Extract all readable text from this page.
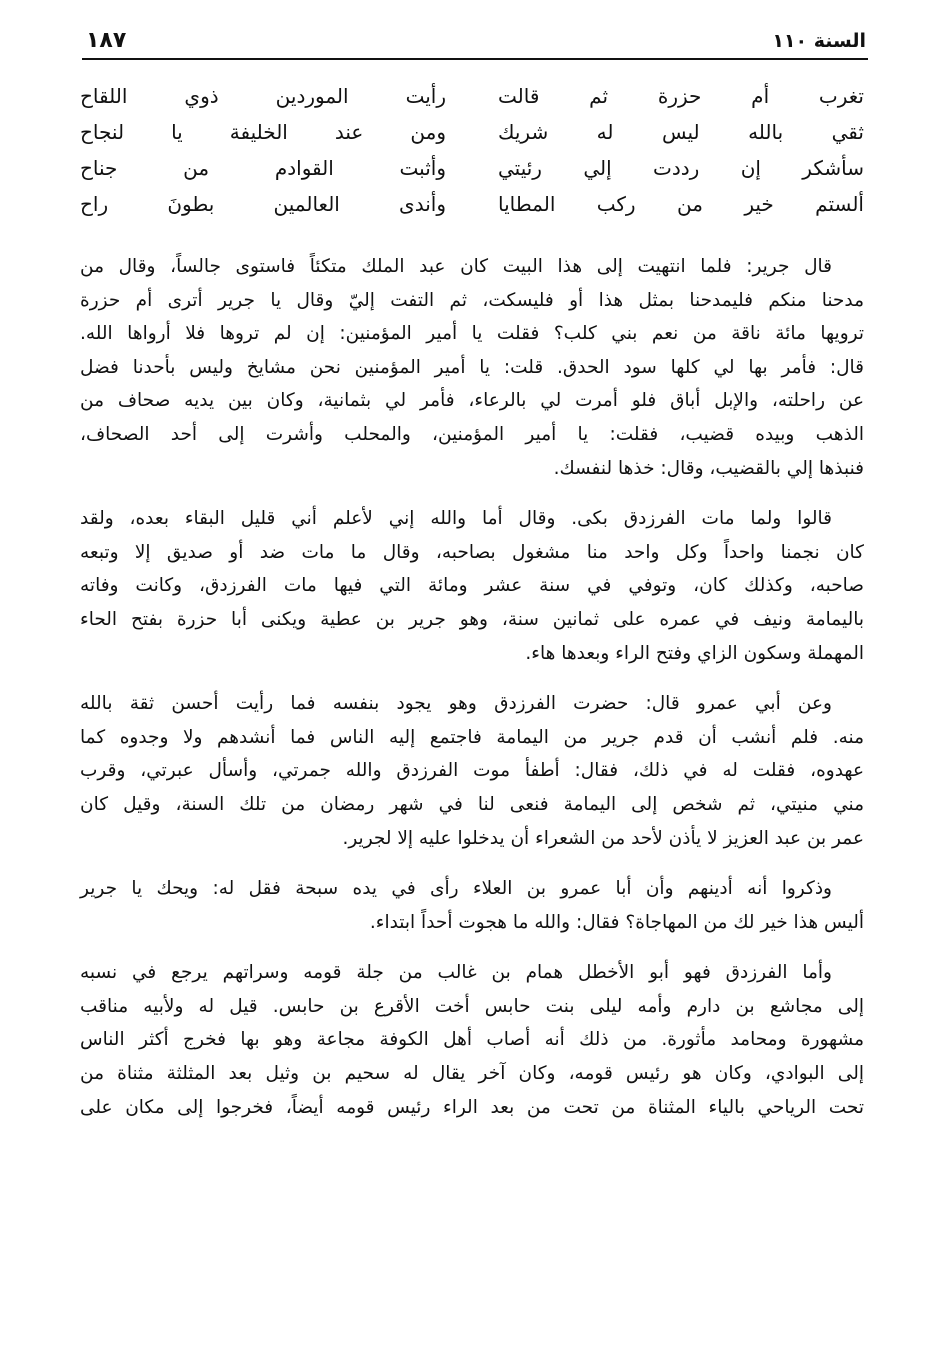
السنة ١١٠
١٨٧
تغرب أم حزرة ثم قالت
رأيت الموردين ذوي اللقاح
ثقي بالله ليس له شريك
ومن عند الخليفة يا لنجاح
سأشكر إن رددت إلي رئيتي
وأثبت القوادم من جناح
ألستم خير من ركب المطايا
وأندى العالمين بطونَ راح
قال جرير: فلما انتهيت إلى هذا البيت كان عبد الملك متكئاً فاستوى جالساً، وقال من
مدحنا منكم فليمدحنا بمثل هذا أو فليسكت، ثم التفت إليّ وقال يا جرير أترى أم حزرة
ترويها مائة ناقة من نعم بني كلب؟ فقلت يا أمير المؤمنين: إن لم تروها فلا أرواها الله.
قال: فأمر بها لي كلها سود الحدق. قلت: يا أمير المؤمنين نحن مشايخ وليس بأحدنا فضل
عن راحلته، والإبل أباق فلو أمرت لي بالرعاء، فأمر لي بثمانية، وكان بين يديه صحاف من
الذهب وبيده قضيب، فقلت: يا أمير المؤمنين، والمحلب وأشرت إلى أحد الصحاف،
فنبذها إلي بالقضيب، وقال: خذها لنفسك.
قالوا ولما مات الفرزدق بكى. وقال أما والله إني لأعلم أني قليل البقاء بعده، ولقد
كان نجمنا واحداً وكل واحد منا مشغول بصاحبه، وقال ما مات ضد أو صديق إلا وتبعه
صاحبه، وكذلك كان، وتوفي في سنة عشر ومائة التي فيها مات الفرزدق، وكانت وفاته
باليمامة ونيف في عمره على ثمانين سنة، وهو جرير بن عطية ويكنى أبا حزرة بفتح الحاء
المهملة وسكون الزاي وفتح الراء وبعدها هاء.
وعن أبي عمرو قال: حضرت الفرزدق وهو يجود بنفسه فما رأيت أحسن ثقة بالله
منه. فلم أنشب أن قدم جرير من اليمامة فاجتمع إليه الناس فما أنشدهم ولا وجدوه كما
عهدوه، فقلت له في ذلك، فقال: أطفأ موت الفرزدق والله جمرتي، وأسأل عبرتي، وقرب
مني منيتي، ثم شخص إلى اليمامة فنعى لنا في شهر رمضان من تلك السنة، وقيل كان
عمر بن عبد العزيز لا يأذن لأحد من الشعراء أن يدخلوا عليه إلا لجرير.
وذكروا أنه أدينهم وأن أبا عمرو بن العلاء رأى في يده سبحة فقل له: ويحك يا جرير
أليس هذا خير لك من المهاجاة؟ فقال: والله ما هجوت أحداً ابتداء.
وأما الفرزدق فهو أبو الأخطل همام بن غالب من جلة قومه وسراتهم يرجع في نسبه
إلى مجاشع بن دارم وأمه ليلى بنت حابس أخت الأقرع بن حابس. قيل له ولأبيه مناقب
مشهورة ومحامد مأثورة. من ذلك أنه أصاب أهل الكوفة مجاعة وهو بها فخرج أكثر الناس
إلى البوادي، وكان هو رئيس قومه، وكان آخر يقال له سحيم بن وثيل بعد المثلثة مثناة من
تحت الرياحي بالياء المثناة من تحت من بعد الراء رئيس قومه أيضاً، فخرجوا إلى مكان على
